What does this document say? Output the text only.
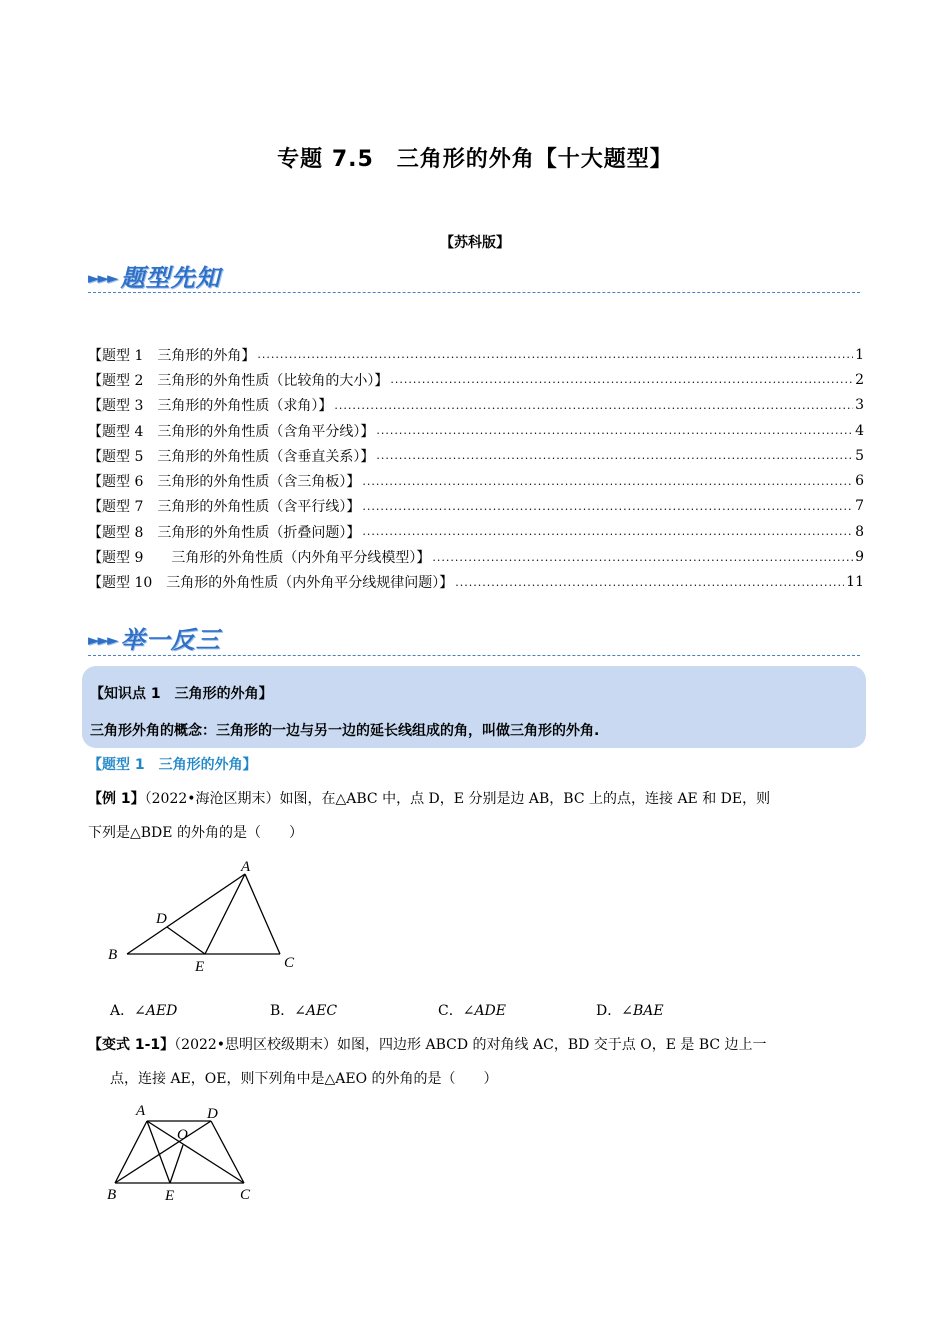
专题 7.5　三角形的外角【十大题型】
【苏科版】
►►► 题型先知
【题型 1　三角形的外角】 .....	1
【题型 2　三角形的外角性质（比较角的大小）】 .....	2
【题型 3　三角形的外角性质（求角）】 .....	3
【题型 4　三角形的外角性质（含角平分线）】 .....	4
【题型 5　三角形的外角性质（含垂直关系）】 .....	5
【题型 6　三角形的外角性质（含三角板）】 .....	6
【题型 7　三角形的外角性质（含平行线）】 .....	7
【题型 8　三角形的外角性质（折叠问题）】 .....	8
【题型 9　　三角形的外角性质（内外角平分线模型）】 .....	9
【题型 10　三角形的外角性质（内外角平分线规律问题）】 .....	11
►►► 举一反三
【知识点 1　三角形的外角】
三角形外角的概念：三角形的一边与另一边的延长线组成的角，叫做三角形的外角.
【题型 1　三角形的外角】
【例 1】（2022•海沧区期末）如图，在△ABC 中，点 D，E 分别是边 AB，BC 上的点，连接 AE 和 DE，则
下列是△BDE 的外角的是（　　）
A
B	C
D
E
A．∠AED	B．∠AEC	C．∠ADE	D．∠BAE
【变式 1-1】（2022•思明区校级期末）如图，四边形 ABCD 的对角线 AC，BD 交于点 O，E 是 BC 边上一
点，连接 AE，OE，则下列角中是△AEO 的外角的是（　　）
A	D
O
B	E	C
